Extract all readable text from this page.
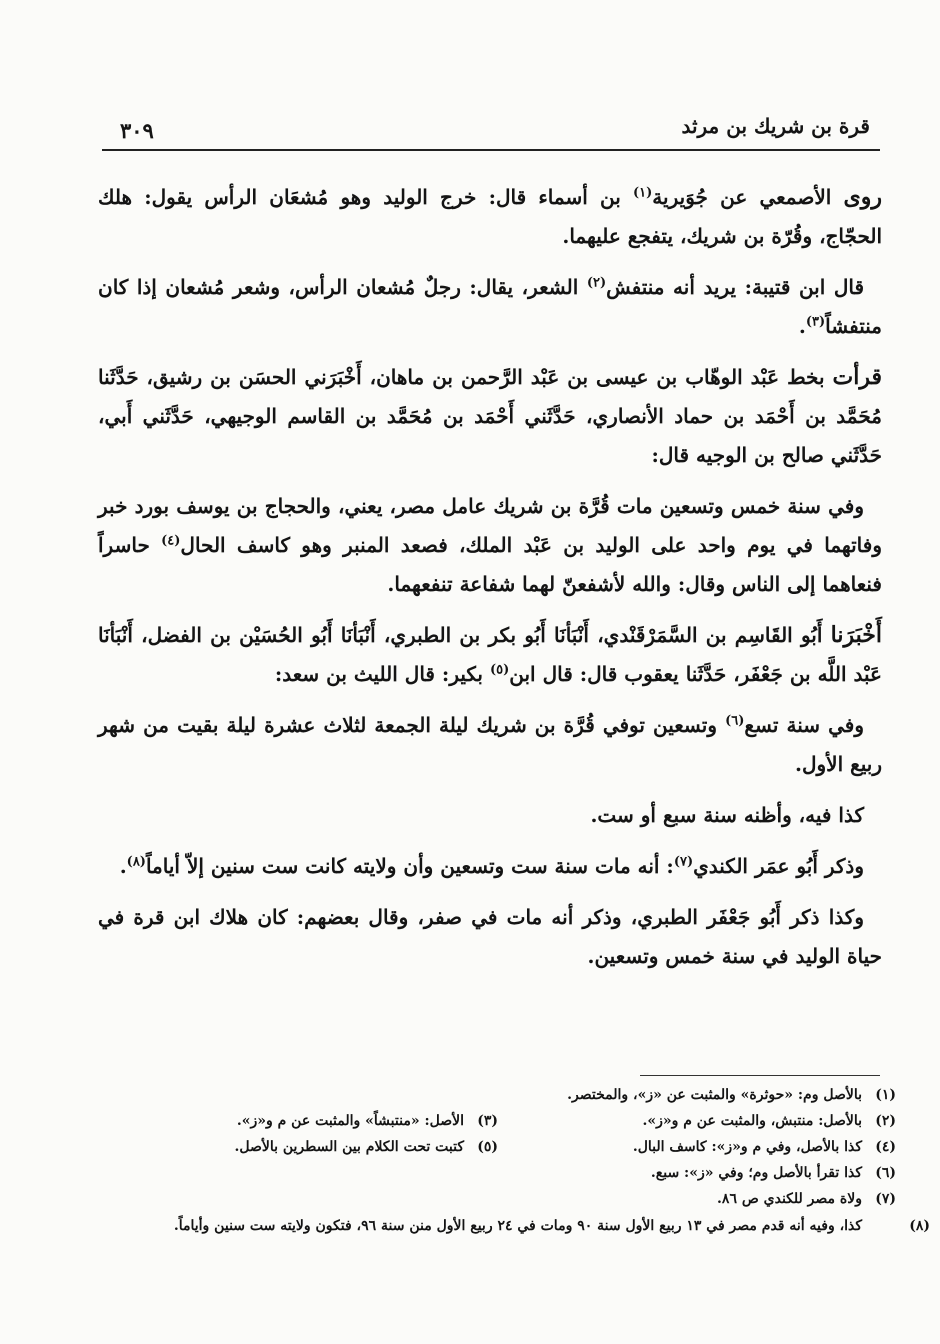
قرة بن شريك بن مرثد
٣٠٩

روى الأصمعي عن جُوَيرية$^{(١)}$ بن أسماء قال: خرج الوليد وهو مُشعَان الرأس يقول: هلك الحجّاج، وقُرّة بن شريك، يتفجع عليهما.

قال ابن قتيبة: يريد أنه منتفش$^{(٢)}$ الشعر، يقال: رجلٌ مُشعان الرأس، وشعر مُشعان إذا كان منتفشاً$^{(٣)}$.

قرأت بخط عَبْد الوهّاب بن عيسى بن عَبْد الرَّحمن بن ماهان، أَخْبَرَني الحسَن بن رشيق، حَدَّثَنا مُحَمَّد بن أَحْمَد بن حماد الأنصاري، حَدَّثَني أَحْمَد بن مُحَمَّد بن القاسم الوجيهي، حَدَّثَني أَبي، حَدَّثَني صالح بن الوجيه قال:

وفي سنة خمس وتسعين مات قُرَّة بن شريك عامل مصر، يعني، والحجاج بن يوسف بورد خبر وفاتهما في يوم واحد على الوليد بن عَبْد الملك، فصعد المنبر وهو كاسف الحال$^{(٤)}$ حاسراً فنعاهما إلى الناس وقال: والله لأشفعنّ لهما شفاعة تنفعهما.

أَخْبَرَنا أَبُو القَاسِم بن السَّمَرْقَنْدي، أَنْبَأنَا أَبُو بكر بن الطبري، أَنْبَأنَا أَبُو الحُسَيْن بن الفضل، أَنْبَأنَا عَبْد اللَّه بن جَعْفَر، حَدَّثَنا يعقوب قال: قال ابن$^{(٥)}$ بكير: قال الليث بن سعد:

وفي سنة تسع$^{(٦)}$ وتسعين توفي قُرَّة بن شريك ليلة الجمعة لثلاث عشرة ليلة بقيت من شهر ربيع الأول.

كذا فيه، وأظنه سنة سبع أو ست.

وذكر أَبُو عمَر الكندي$^{(٧)}$: أنه مات سنة ست وتسعين وأن ولايته كانت ست سنين إلاّ أياماً$^{(٨)}$.

وكذا ذكر أَبُو جَعْفَر الطبري، وذكر أنه مات في صفر، وقال بعضهم: كان هلاك ابن قرة في حياة الوليد في سنة خمس وتسعين.

(١)بالأصل وم: «حوثرة» والمثبت عن «ز»، والمختصر.
(٢)بالأصل: منتبش، والمثبت عن م و«ز».
(٣)الأصل: «منتبشاً» والمثبت عن م و«ز».
(٤)كذا بالأصل، وفي م و«ز»: كاسف البال.
(٥)كتبت تحت الكلام بين السطرين بالأصل.
(٦)كذا تقرأ بالأصل وم؛ وفي «ز»: سبع.
(٧)ولاة مصر للكندي ص ٨٦.
(٨)كذا، وفيه أنه قدم مصر في ١٣ ربيع الأول سنة ٩٠ ومات في ٢٤ ربيع الأول منن سنة ٩٦، فتكون ولايته ست سنين وأياماً.
